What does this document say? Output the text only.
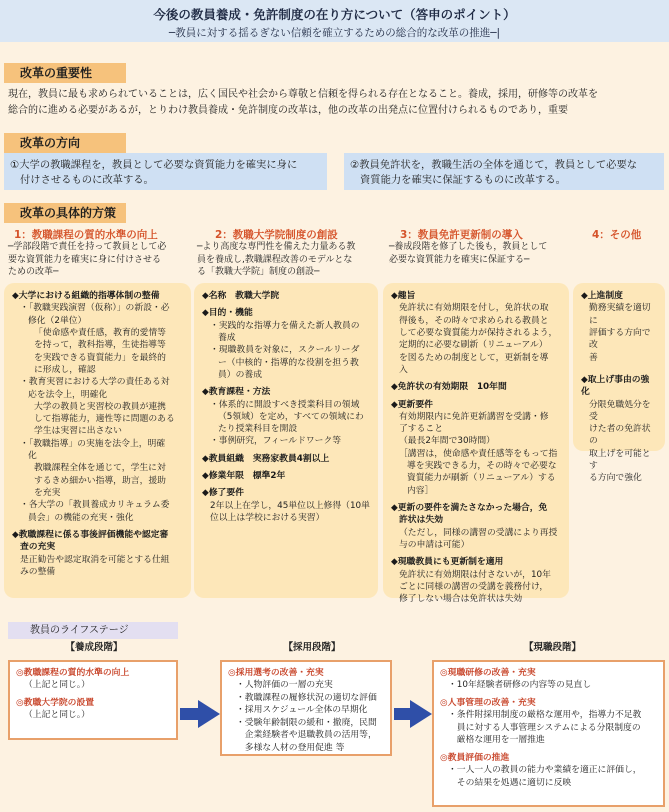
今後の教員養成・免許制度の在り方について（答申のポイント）
─教員に対する揺るぎない信頼を確立するための総合的な改革の推進─|
改革の重要性
現在，教員に最も求められていることは，広く国民や社会から尊敬と信頼を得られる存在となること。養成，採用，研修等の改革を
総合的に進める必要があるが，とりわけ教員養成・免許制度の改革は，他の改革の出発点に位置付けられるものであり，重要
改革の方向
①大学の教職課程を，教員として必要な資質能力を確実に身に
付けさせるものに改革する。
②教員免許状を，教職生活の全体を通じて，教員として必要な
資質能力を確実に保証するものに改革する。
改革の具体的方策
1：教職課程の質的水準の向上
─学部段階で責任を持って教員として必
要な資質能力を確実に身に付けさせる
ための改革─
◆大学における組織的指導体制の整備
・「教職実践演習（仮称）」の新設・必
修化（2単位）
「使命感や責任感，教育的愛情等
を持って，教科指導，生徒指導等
を実践できる資質能力」を最終的
に形成し，確認
・教育実習における大学の責任ある対
応を法令上，明確化
大学の教員と実習校の教員が連携
して指導能力，適性等に問題のある
学生は実習に出さない
・「教職指導」の実施を法令上，明確
化
教職課程全体を通じて，学生に対
するきめ細かい指導，助言，援助
を充実
・各大学の「教員養成カリキュラム委
員会」の機能の充実・強化
◆教職課程に係る事後評価機能や認定審
査の充実
是正勧告や認定取消を可能とする仕組
みの整備
2：教職大学院制度の創設
─より高度な専門性を備えた力量ある教
員を養成し,教職課程改善のモデルとな
る「教職大学院」制度の創設─
◆名称　教職大学院
◆目的・機能
・実践的な指導力を備えた新人教員の
養成
・現職教員を対象に，スクールリーダ
ー（中核的・指導的な役割を担う教
員）の養成
◆教育課程・方法
・体系的に開設すべき授業科目の領域
（5領域）を定め，すべての領域にわ
たり授業科目を開設
・事例研究，フィールドワーク等
◆教員組織　実務家教員4割以上
◆修業年限　標準2年
◆修了要件
2年以上在学し，45単位以上修得（10単
位以上は学校における実習）
3：教員免許更新制の導入
─養成段階を修了した後も，教員として
必要な資質能力を確実に保証する─
◆趣旨
免許状に有効期限を付し，免許状の取
得後も，その時々で求められる教員と
して必要な資質能力が保持されるよう，
定期的に必要な刷新（リニューアル）
を図るための制度として，更新制を導
入
◆免許状の有効期限　10年間
◆更新要件
有効期限内に免許更新講習を受講・修
了すること
（最長2年間で30時間）
［講習は，使命感や責任感等をもって指
導を実践できる力，その時々で必要な
資質能力が刷新（リニューアル）する
内容］
◆更新の要件を満たさなかった場合，免
許状は失効
（ただし，同様の講習の受講により再授
与の申請は可能）
◆現職教員にも更新制を適用
免許状に有効期限は付さないが，10年
ごとに同様の講習の受講を義務付け，
修了しない場合は免許状は失効
4：その他
◆上進制度
勤務実績を適切に
評価する方向で改
善
◆取上げ事由の強化
分限免職処分を受
けた者の免許状の
取上げを可能とす
る方向で強化
教員のライフステージ
【養成段階】	【採用段階】	【現職段階】
◎教職課程の質的水準の向上
（上記と同じ。）
◎教職大学院の設置
（上記と同じ。）
◎採用選考の改善・充実
・人物評価の一層の充実
・教職課程の履修状況の適切な評価
・採用スケジュール全体の早期化
・受験年齢制限の緩和・撤廃，民間
　企業経験者や退職教員の活用等，
　多様な人材の登用促進 等
◎現職研修の改善・充実
・10年経験者研修の内容等の見直し
◎人事管理の改善・充実
・条件附採用制度の厳格な運用や，指導力不足教
　員に対する人事管理システムによる分限制度の
　厳格な運用を一層推進
◎教員評価の推進
・一人一人の教員の能力や業績を適正に評価し，
　その結果を処遇に適切に反映
